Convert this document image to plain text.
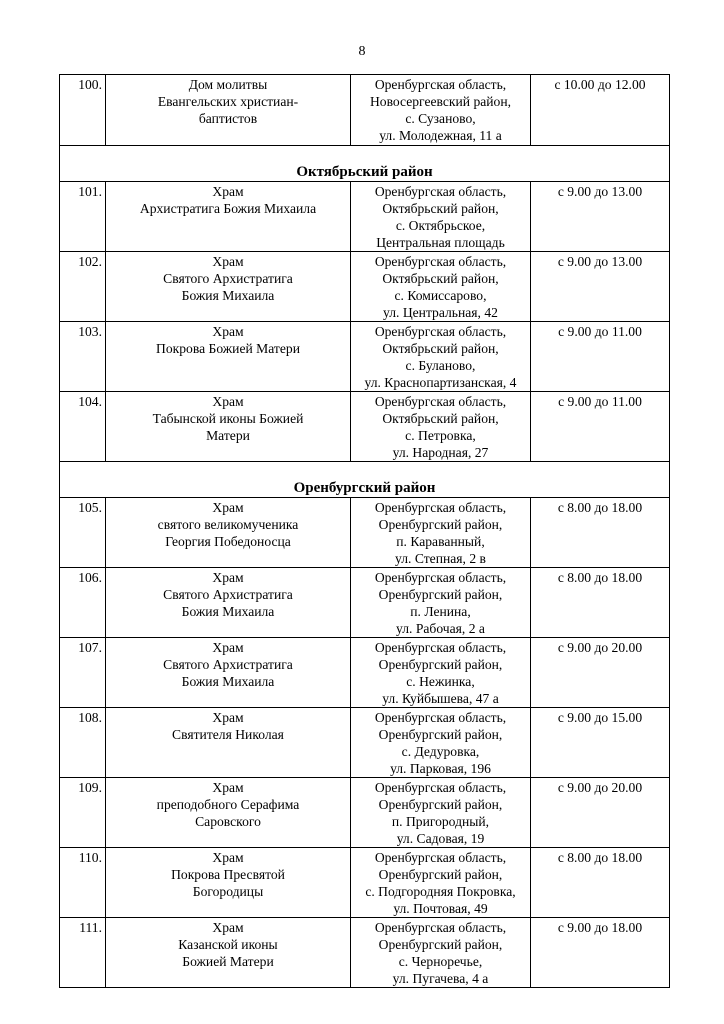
8
100.	Дом молитвы
Евангельских христиан-
баптистов	Оренбургская область,
Новосергеевский район,
с. Сузаново,
ул. Молодежная, 11 а	с 10.00 до 12.00
Октябрьский район			
101.	Храм
Архистратига Божия Михаила	Оренбургская область,
Октябрьский район,
с. Октябрьское,
Центральная площадь	с 9.00 до 13.00
102.	Храм
Святого Архистратига
Божия Михаила	Оренбургская область,
Октябрьский район,
с. Комиссарово,
ул. Центральная, 42	с 9.00 до 13.00
103.	Храм
Покрова Божией Матери	Оренбургская область,
Октябрьский район,
с. Буланово,
ул. Краснопартизанская, 4	с 9.00 до 11.00
104.	Храм
Табынской иконы Божией
Матери	Оренбургская область,
Октябрьский район,
с. Петровка,
ул. Народная, 27	с 9.00 до 11.00
Оренбургский район			
105.	Храм
святого великомученика
Георгия Победоносца	Оренбургская область,
Оренбургский район,
п. Караванный,
ул. Степная, 2 в	с 8.00 до 18.00
106.	Храм
Святого Архистратига
Божия Михаила	Оренбургская область,
Оренбургский район,
п. Ленина,
ул. Рабочая, 2 а	с 8.00 до 18.00
107.	Храм
Святого Архистратига
Божия Михаила	Оренбургская область,
Оренбургский район,
с. Нежинка,
ул. Куйбышева, 47 а	с 9.00 до 20.00
108.	Храм
Святителя Николая	Оренбургская область,
Оренбургский район,
с. Дедуровка,
ул. Парковая, 196	с 9.00 до 15.00
109.	Храм
преподобного Серафима
Саровского	Оренбургская область,
Оренбургский район,
п. Пригородный,
ул. Садовая, 19	с 9.00 до 20.00
110.	Храм
Покрова Пресвятой
Богородицы	Оренбургская область,
Оренбургский район,
с. Подгородняя Покровка,
ул. Почтовая, 49	с 8.00 до 18.00
111.	Храм
Казанской иконы
Божией Матери	Оренбургская область,
Оренбургский район,
с. Черноречье,
ул. Пугачева, 4 а	с 9.00 до 18.00
